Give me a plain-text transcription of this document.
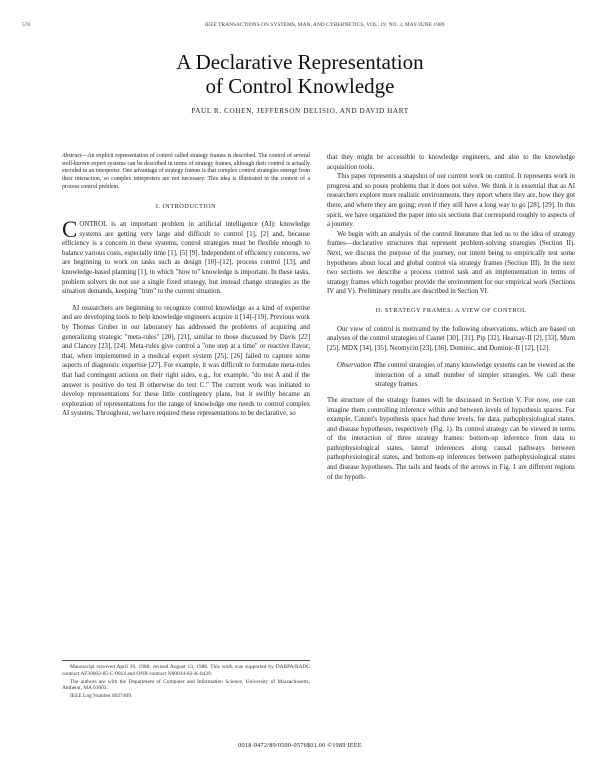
576	IEEE TRANSACTIONS ON SYSTEMS, MAN, AND CYBERNETICS, VOL. 19, NO. 3, MAY/JUNE 1989
A Declarative Representation
of Control Knowledge
PAUL R. COHEN, JEFFERSON DELISIO, AND DAVID HART
Abstract—An explicit representation of control called strategy frames is described. The control of several well-known expert systems can be described in terms of strategy frames, although their control is actually encoded in an interpreter. One advantage of strategy frames is that complex control strategies emerge from their interaction, so complex interpreters are not necessary. This idea is illustrated in the context of a process control problem.
I. INTRODUCTION

CONTROL is an important problem in artificial intelligence (AI): knowledge systems are getting very large and difficult to control [1], [2] and, because efficiency is a concern in these systems, control strategies must be flexible enough to balance various costs, especially time [1], [5] [9]. Independent of efficiency concerns, we are beginning to work on tasks such as design [10]–[12], process control [13], and knowledge-based planning [1], in which "how to" knowledge is important. In these tasks, problem solvers do not use a single fixed strategy, but instead change strategies as the situation demands, keeping "trim" to the current situation.

AI researchers are beginning to recognize control knowledge as a kind of expertise and are developing tools to help knowledge engineers acquire it [14]–[19]. Previous work by Thomas Gruber in our laboratory has addressed the problems of acquiring and generalizing strategic "meta-rules" [20], [21], similar to those discussed by Davis [22] and Clancey [23], [24]. Meta-rules give control a "one step at a time" or reactive flavor; that, when implemented in a medical expert system [25], [26] failed to capture some aspects of diagnostic expertise [27]. For example, it was difficult to formulate meta-rules that had contingent actions on their right sides, e.g., for example, "do test A and if the answer is positive do test B otherwise do test C." The current work was initiated to develop representations for these little contingency plans, but it swiftly became an exploration of representations for the range of knowledge one needs to control complex AI systems. Throughout, we have required these representations to be declarative, so

that they might be accessible to knowledge engineers, and also to the knowledge acquisition tools.

This paper represents a snapshot of our current work on control. It represents work in progress and so poses problems that it does not solve. We think it is essential that as AI researchers explore more realistic environments, they report where they are, how they got there, and where they are going; even if they still have a long way to go [28], [29]. In this spirit, we have organized the paper into six sections that correspond roughly to aspects of a journey.

We begin with an analysis of the control literature that led us to the idea of strategy frames—declarative structures that represent problem-solving strategies (Section II). Next, we discuss the purpose of the journey, our intent being to empirically test some hypotheses about local and global control via strategy frames (Section III). In the next two sections we describe a process control task and an implementation in terms of strategy frames which together provide the environment for our empirical work (Sections IV and V). Preliminary results are described in Section VI.

II. STRATEGY FRAMES: A VIEW OF CONTROL

Our view of control is motivated by the following observations, which are based on analyses of the control strategies of Casnet [30], [31], Pip [32], Hearsay-II [2], [33], Mum [25], MDX [34], [35], Neomycin [23], [36], Dominic, and Dominic-II [12], [12].

Observation 1:
The control strategies of many knowledge systems can be viewed as the interaction of a small number of simpler strategies. We call these strategy frames.

The structure of the strategy frames will be discussed in Section V. For now, one can imagine them controlling inference within and between levels of hypothesis spaces. For example, Casnet's hypothesis space had three levels, for data, pathophysiological states, and disease hypotheses, respectively (Fig. 1). Its control strategy can be viewed in terms of the interaction of three strategy frames: bottom-up inference from data to pathophysiological states, lateral inferences along causal pathways between pathophysiological states, and bottom-up inferences between pathophysiological states and disease hypotheses. The tails and heads of the arrows in Fig. 1 are different regions of the hypoth-

Manuscript received April 30, 1988; revised August 13, 1988. This work was supported by DARPA/RADC contract AF30602-85-C-0014 and ONR contract N00014-82-K-0439.
The authors are with the Department of Computer and Information Science, University of Massachusetts, Amherst, MA 01003.
IEEE Log Number 8927409.
0018-9472/89/0500-0576$01.00 ©1989 IEEE
